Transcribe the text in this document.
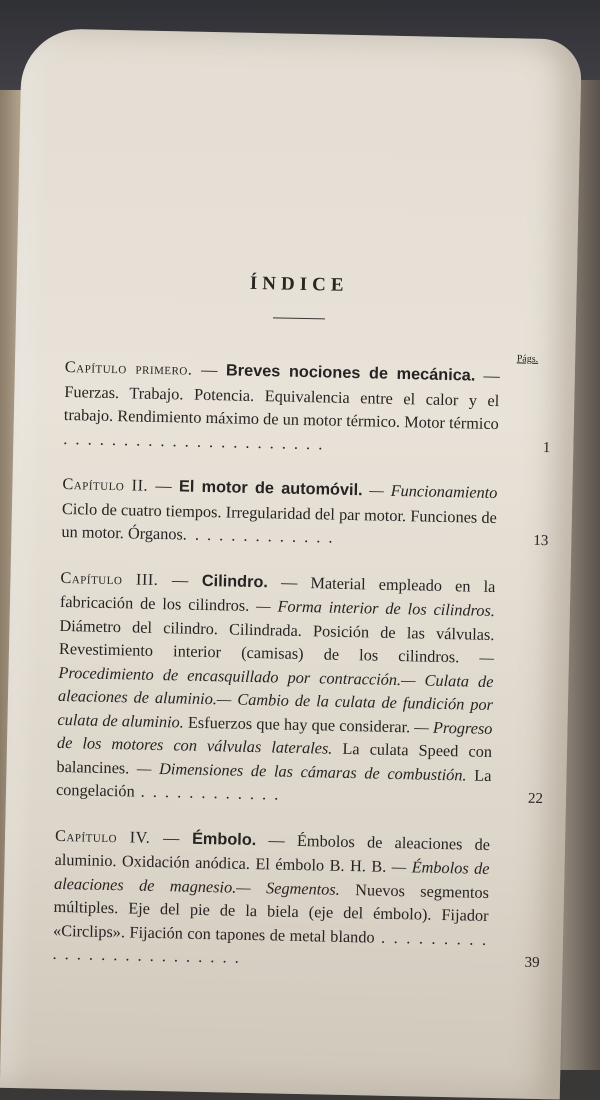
ÍNDICE
Págs.

Capítulo primero. — Breves nociones de mecánica. — Fuerzas. Trabajo. Potencia. Equivalencia entre el calor y el trabajo. Rendimiento máximo de un motor térmico. Motor térmico . . . . . . . . . . . . . . . . . . . . . .	1

Capítulo II. — El motor de automóvil. — Funcionamiento Ciclo de cuatro tiempos. Irregularidad del par motor. Funciones de un motor. Órganos. . . . . . . . . . . . .	13

Capítulo III. — Cilindro. — Material empleado en la fabricación de los cilindros. — Forma interior de los cilindros. Diámetro del cilindro. Cilindrada. Posición de las válvulas. Revestimiento interior (camisas) de los cilindros. — Procedimiento de encasquillado por contracción.— Culata de aleaciones de aluminio.— Cambio de la culata de fundición por culata de aluminio. Esfuerzos que hay que considerar. — Progreso de los motores con válvulas laterales. La culata Speed con balancines. — Dimensiones de las cámaras de combustión. La congelación . . . . . . . . . . . .	22

Capítulo IV. — Émbolo. — Émbolos de aleaciones de aluminio. Oxidación anódica. El émbolo B. H. B. — Émbolos de aleaciones de magnesio.— Segmentos. Nuevos segmentos múltiples. Eje del pie de la biela (eje del émbolo). Fijador «Circlips». Fijación con tapones de metal blando . . . . . . . . . . . . . . . . . . . . . . . . .	39
